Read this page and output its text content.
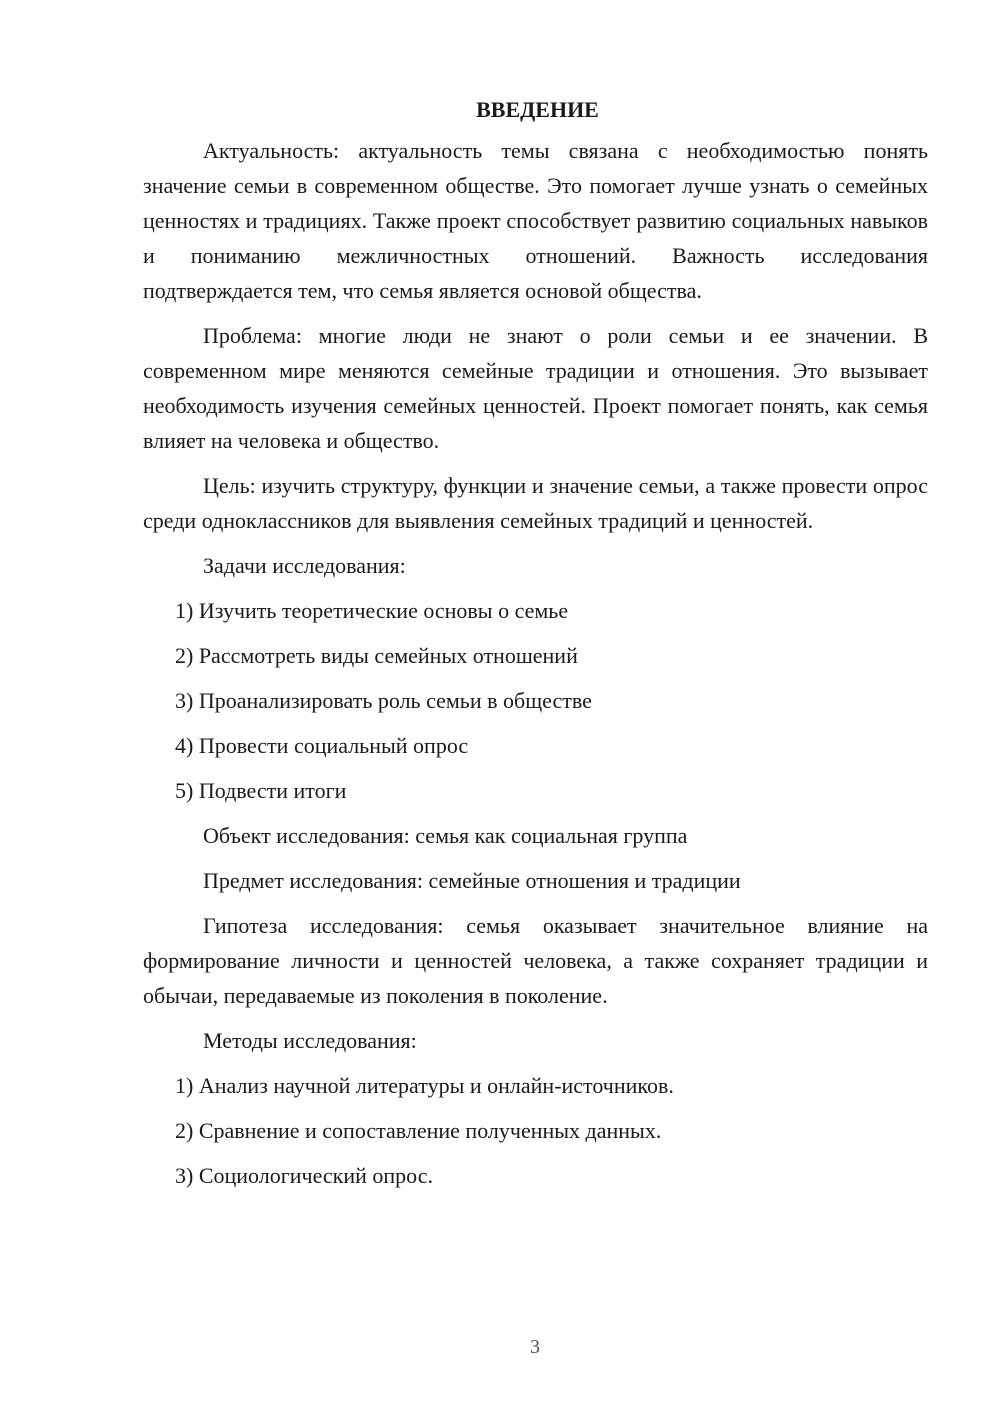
ВВЕДЕНИЕ

Актуальность: актуальность темы связана с необходимостью понять значение семьи в современном обществе. Это помогает лучше узнать о семейных ценностях и традициях. Также проект способствует развитию социальных навыков и пониманию межличностных отношений. Важность исследования подтверждается тем, что семья является основой общества.

Проблема: многие люди не знают о роли семьи и ее значении. В современном мире меняются семейные традиции и отношения. Это вызывает необходимость изучения семейных ценностей. Проект помогает понять, как семья влияет на человека и общество.

Цель: изучить структуру, функции и значение семьи, а также провести опрос среди одноклассников для выявления семейных традиций и ценностей.

Задачи исследования:
1) Изучить теоретические основы о семье
2) Рассмотреть виды семейных отношений
3) Проанализировать роль семьи в обществе
4) Провести социальный опрос
5) Подвести итоги
Объект исследования: семья как социальная группа
Предмет исследования: семейные отношения и традиции

Гипотеза исследования: семья оказывает значительное влияние на формирование личности и ценностей человека, а также сохраняет традиции и обычаи, передаваемые из поколения в поколение.

Методы исследования:
1) Анализ научной литературы и онлайн-источников.
2) Сравнение и сопоставление полученных данных.
3) Социологический опрос.
3
